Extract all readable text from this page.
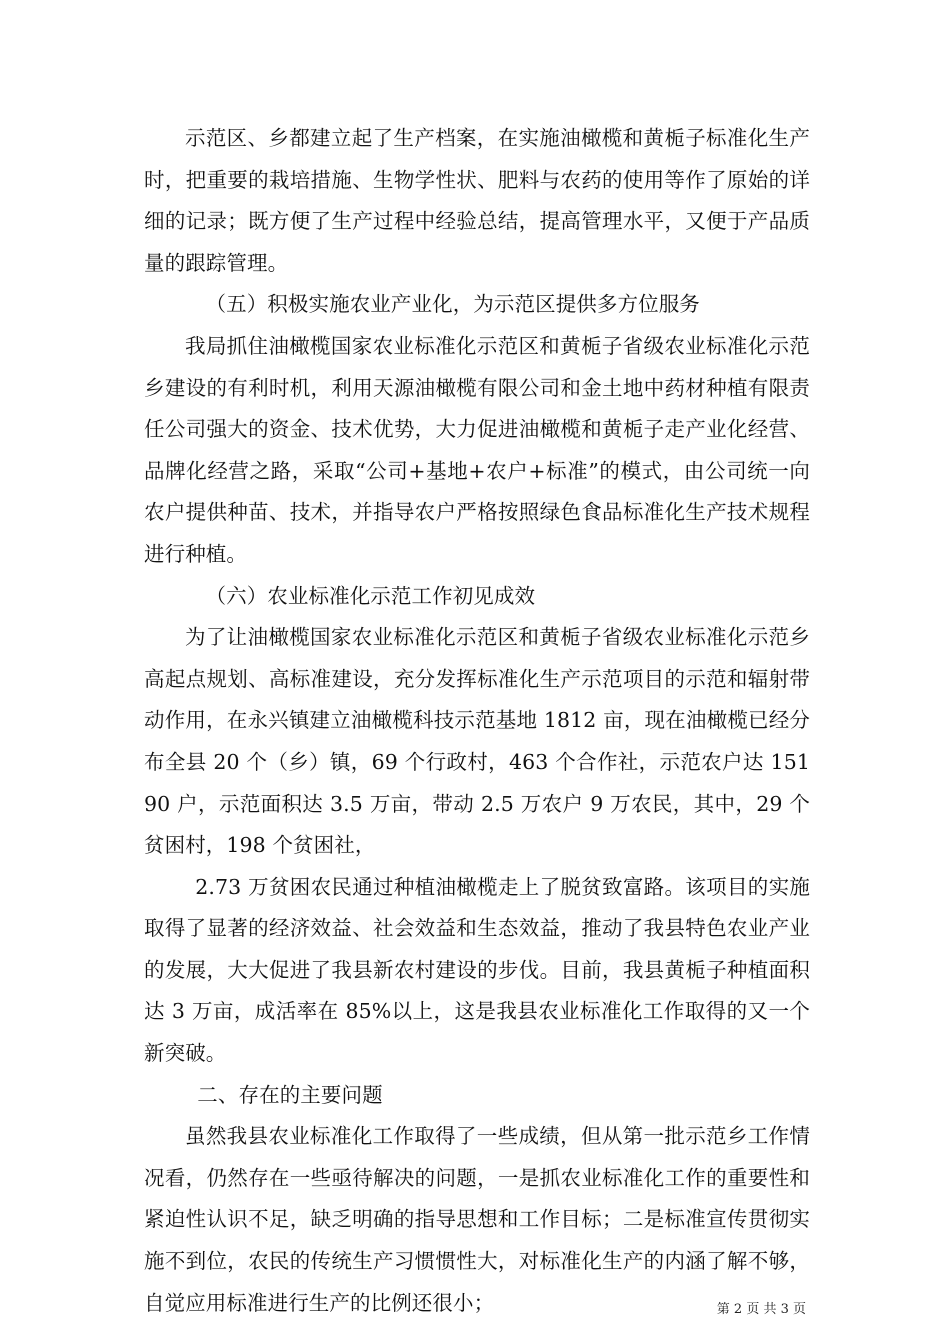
示范区、乡都建立起了生产档案，在实施油橄榄和黄栀子标准化生产时，把重要的栽培措施、生物学性状、肥料与农药的使用等作了原始的详细的记录；既方便了生产过程中经验总结，提高管理水平，又便于产品质量的跟踪管理。

（五）积极实施农业产业化，为示范区提供多方位服务

我局抓住油橄榄国家农业标准化示范区和黄栀子省级农业标准化示范乡建设的有利时机，利用天源油橄榄有限公司和金土地中药材种植有限责任公司强大的资金、技术优势，大力促进油橄榄和黄栀子走产业化经营、品牌化经营之路，采取“公司+基地+农户+标准”的模式，由公司统一向农户提供种苗、技术，并指导农户严格按照绿色食品标准化生产技术规程进行种植。

（六）农业标准化示范工作初见成效

为了让油橄榄国家农业标准化示范区和黄栀子省级农业标准化示范乡高起点规划、高标准建设，充分发挥标准化生产示范项目的示范和辐射带动作用，在永兴镇建立油橄榄科技示范基地 1812 亩，现在油橄榄已经分布全县 20 个（乡）镇，69 个行政村，463 个合作社，示范农户达 15190 户，示范面积达 3.5 万亩，带动 2.5 万农户 9 万农民，其中，29 个贫困村，198 个贫困社，

2.73 万贫困农民通过种植油橄榄走上了脱贫致富路。该项目的实施取得了显著的经济效益、社会效益和生态效益，推动了我县特色农业产业的发展，大大促进了我县新农村建设的步伐。目前，我县黄栀子种植面积达 3 万亩，成活率在 85%以上，这是我县农业标准化工作取得的又一个新突破。

二、存在的主要问题

虽然我县农业标准化工作取得了一些成绩，但从第一批示范乡工作情况看，仍然存在一些亟待解决的问题，一是抓农业标准化工作的重要性和紧迫性认识不足，缺乏明确的指导思想和工作目标；二是标准宣传贯彻实施不到位，农民的传统生产习惯惯性大，对标准化生产的内涵了解不够，自觉应用标准进行生产的比例还很小；	第 2 页 共 3 页
